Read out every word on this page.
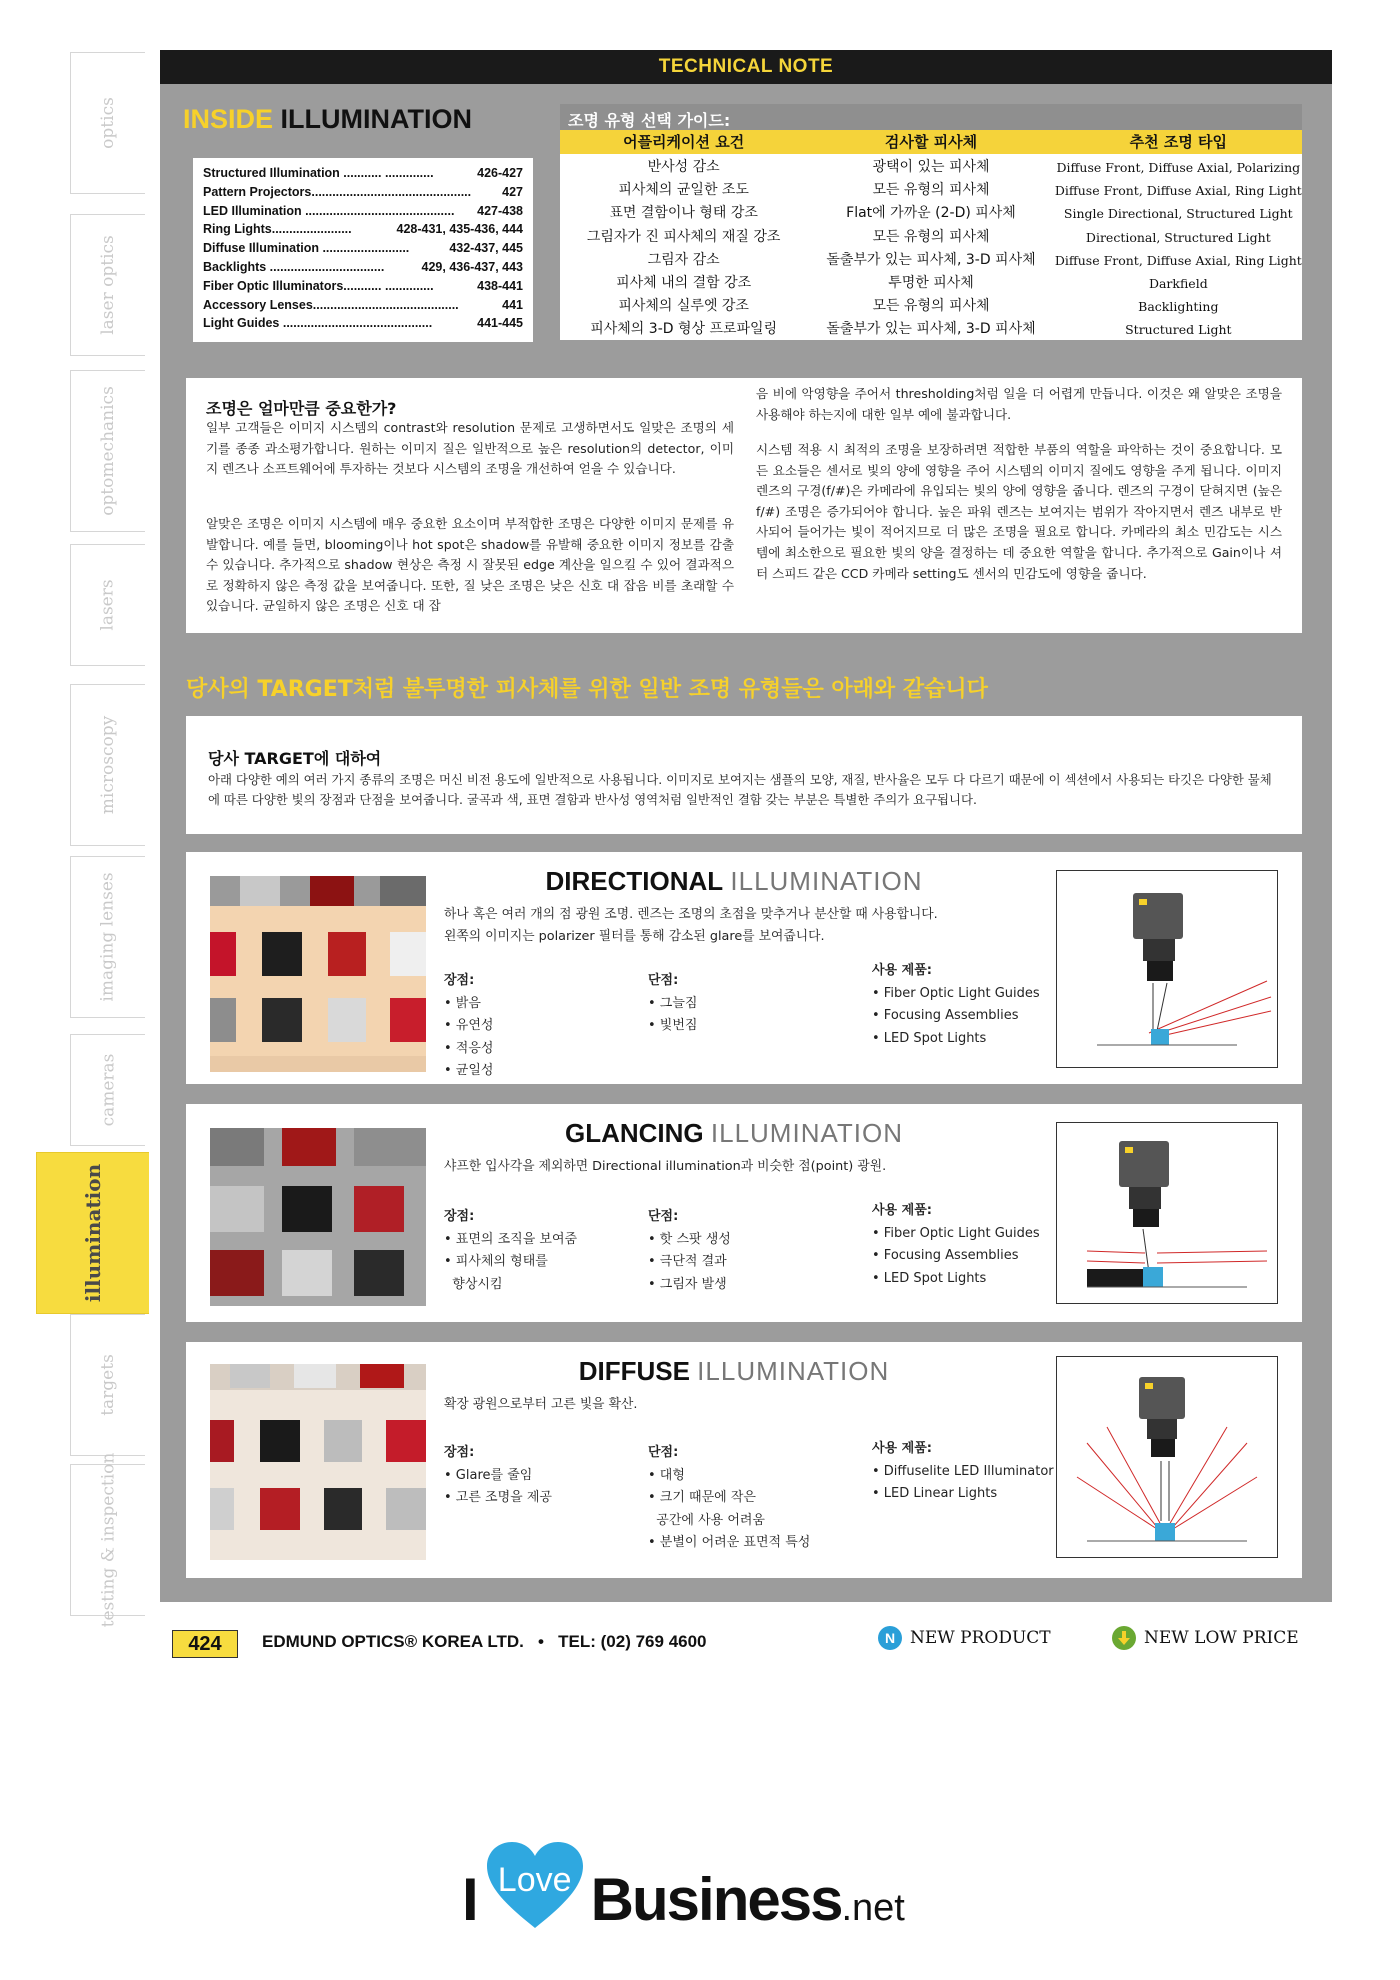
optics
laser optics
optomechanics
lasers
microscopy
imaging lenses
cameras
illumination
targets
testing & inspection
TECHNICAL NOTE
INSIDE ILLUMINATION
Structured Illumination ........... ..............	426-427
Pattern Projectors.............................................. 427
LED Illumination ........................................... 427-438
Ring Lights.......................	428-431, 435-436, 444
Diffuse Illumination .........................	432-437, 445
Backlights .................................	429, 436-437, 443
Fiber Optic Illuminators........... ..............	438-441
Accessory Lenses..........................................	441
Light Guides ...........................................	441-445
조명 유형 선택 가이드:
어플리케이션 요건	검사할 피사체	추천 조명 타입
반사성 감소	광택이 있는 피사체	Diffuse Front, Diffuse Axial, Polarizing
피사체의 균일한 조도	모든 유형의 피사체	Diffuse Front, Diffuse Axial, Ring Light
표면 결함이나 형태 강조	Flat에 가까운 (2-D) 피사체	Single Directional, Structured Light
그림자가 진 피사체의 재질 강조	모든 유형의 피사체	Directional, Structured Light
그림자 감소	돌출부가 있는 피사체, 3-D 피사체	Diffuse Front, Diffuse Axial, Ring Light
피사체 내의 결함 강조	투명한 피사체	Darkfield
피사체의 실루엣 강조	모든 유형의 피사체	Backlighting
피사체의 3-D 형상 프로파일링	돌출부가 있는 피사체, 3-D 피사체	Structured Light
조명은 얼마만큼 중요한가?
일부 고객들은 이미지 시스템의 contrast와 resolution 문제로 고생하면서도 일맞은 조명의 세기를 종종 과소평가합니다. 원하는 이미지 질은 일반적으로 높은 resolution의 detector, 이미지 렌즈나 소프트웨어에 투자하는 것보다 시스템의 조명을 개선하여 얻을 수 있습니다.
알맞은 조명은 이미지 시스템에 매우 중요한 요소이며 부적합한 조명은 다양한 이미지 문제를 유발합니다. 예를 들면, blooming이나 hot spot은 shadow를 유발해 중요한 이미지 정보를 감출 수 있습니다. 추가적으로 shadow 현상은 측정 시 잘못된 edge 계산을 일으킬 수 있어 결과적으로 정확하지 않은 측정 값을 보여줍니다. 또한, 질 낮은 조명은 낮은 신호 대 잡음 비를 초래할 수 있습니다. 균일하지 않은 조명은 신호 대 잡
음 비에 악영향을 주어서 thresholding처럼 일을 더 어렵게 만듭니다. 이것은 왜 알맞은 조명을 사용해야 하는지에 대한 일부 예에 불과합니다.
시스템 적용 시 최적의 조명을 보장하려면 적합한 부품의 역할을 파악하는 것이 중요합니다. 모든 요소들은 센서로 빛의 양에 영향을 주어 시스템의 이미지 질에도 영향을 주게 됩니다. 이미지 렌즈의 구경(f/#)은 카메라에 유입되는 빛의 양에 영향을 줍니다. 렌즈의 구경이 닫혀지면 (높은 f/#) 조명은 증가되어야 합니다. 높은 파워 렌즈는 보여지는 범위가 작아지면서 렌즈 내부로 반사되어 들어가는 빛이 적어지므로 더 많은 조명을 필요로 합니다. 카메라의 최소 민감도는 시스템에 최소한으로 필요한 빛의 양을 결정하는 데 중요한 역할을 합니다. 추가적으로 Gain이나 셔터 스피드 같은 CCD 카메라 setting도 센서의 민감도에 영향을 줍니다.
당사의 TARGET처럼 불투명한 피사체를 위한 일반 조명 유형들은 아래와 같습니다
당사 TARGET에 대하여
아래 다양한 예의 여러 가지 종류의 조명은 머신 비전 용도에 일반적으로 사용됩니다. 이미지로 보여지는 샘플의 모양, 재질, 반사율은 모두 다 다르기 때문에 이 섹션에서 사용되는 타깃은 다양한 물체에 따른 다양한 빛의 장점과 단점을 보여줍니다. 굴곡과 색, 표면 결함과 반사성 영역처럼 일반적인 결함 갖는 부분은 특별한 주의가 요구됩니다.
DIRECTIONAL ILLUMINATION
하나 혹은 여러 개의 점 광원 조명. 렌즈는 조명의 초점을 맞추거나 분산할 때 사용합니다. 왼쪽의 이미지는 polarizer 필터를 통해 감소된 glare를 보여줍니다.
장점:
• 밝음
• 유연성
• 적응성
• 균일성
단점:
• 그늘짐
• 빛번짐
사용 제품:
• Fiber Optic Light Guides
• Focusing Assemblies
• LED Spot Lights
GLANCING ILLUMINATION
샤프한 입사각을 제외하면 Directional illumination과 비슷한 점(point) 광원.
장점:
• 표면의 조직을 보여줌
• 피사체의 형태를
향상시킴
단점:
• 핫 스팟 생성
• 극단적 결과
• 그림자 발생
사용 제품:
• Fiber Optic Light Guides
• Focusing Assemblies
• LED Spot Lights
DIFFUSE ILLUMINATION
확장 광원으로부터 고른 빛을 확산.
장점:
• Glare를 줄임
• 고른 조명을 제공
단점:
• 대형
• 크기 때문에 작은
공간에 사용 어려움
• 분별이 어려운 표면적 특성
사용 제품:
• Diffuselite LED Illuminator
• LED Linear Lights
424	EDMUND OPTICS® KOREA LTD. • TEL: (02) 769 4600	N NEW PRODUCT	NEW LOW PRICE
I Love Business .net
